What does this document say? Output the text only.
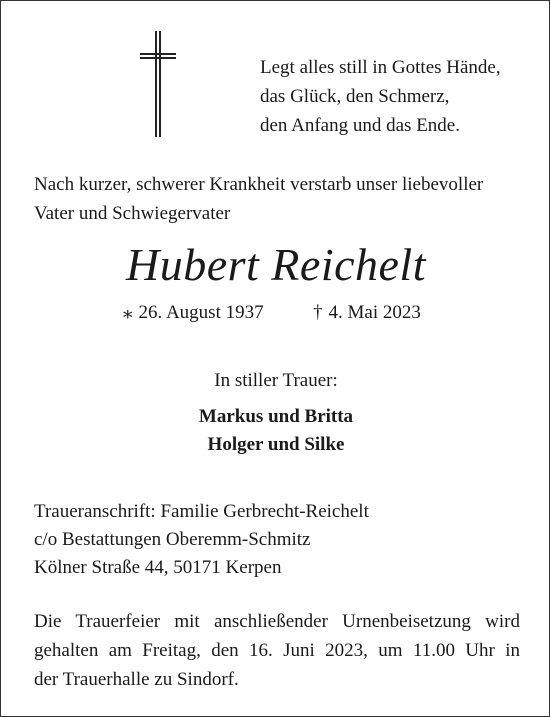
Legt alles still in Gottes Hände,
das Glück, den Schmerz,
den Anfang und das Ende.
Nach kurzer, schwerer Krankheit verstarb unser liebevoller
Vater und Schwiegervater
Hubert Reichelt
⁎ 26. August 1937	† 4. Mai 2023
In stiller Trauer:
Markus und Britta
Holger und Silke
Traueranschrift: Familie Gerbrecht-Reichelt
c/o Bestattungen Oberemm-Schmitz
Kölner Straße 44, 50171 Kerpen
Die Trauerfeier mit anschließender Urnenbeisetzung wird
gehalten am Freitag, den 16. Juni 2023, um 11.00 Uhr in
der Trauerhalle zu Sindorf.
